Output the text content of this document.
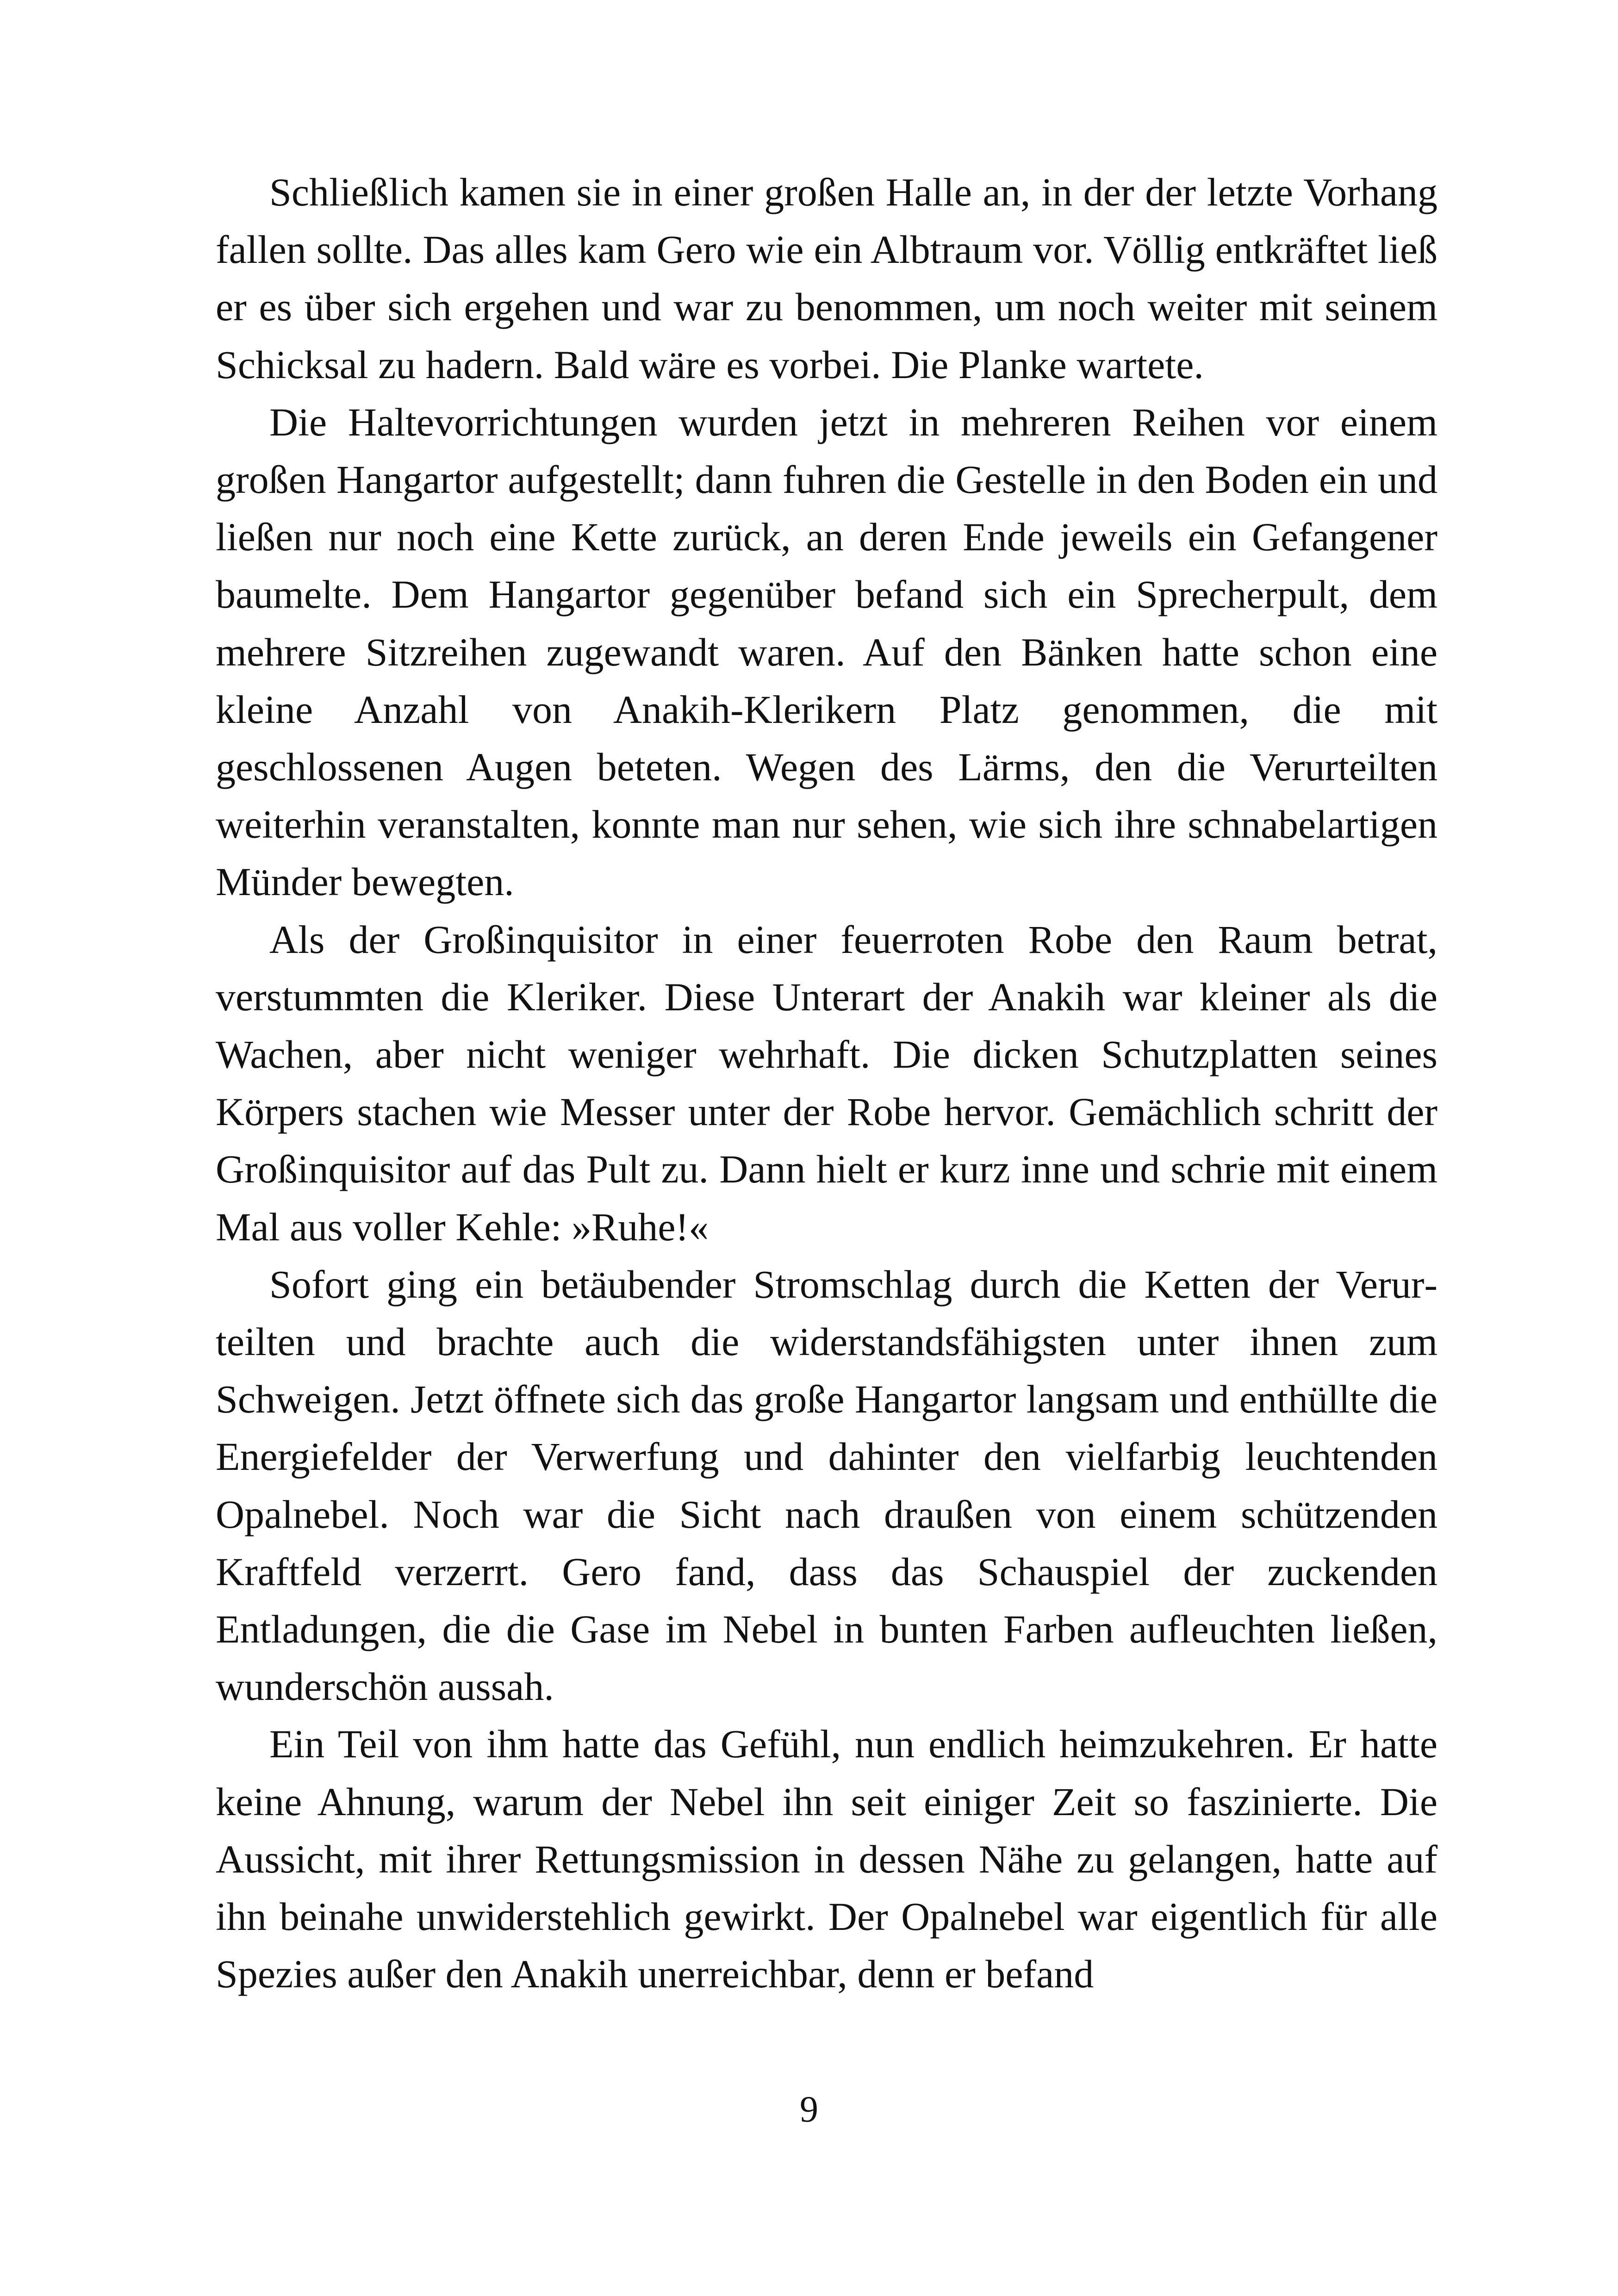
Schließlich kamen sie in einer großen Halle an, in der der letzte Vorhang fallen sollte. Das alles kam Gero wie ein Albtraum vor. Völlig entkräftet ließ er es über sich ergehen und war zu benommen, um noch weiter mit seinem Schicksal zu hadern. Bald wäre es vorbei. Die Planke wartete.

Die Haltevorrichtungen wurden jetzt in mehreren Reihen vor einem großen Hangartor aufgestellt; dann fuhren die Gestelle in den Boden ein und ließen nur noch eine Kette zurück, an deren Ende jeweils ein Gefangener baumelte. Dem Hangartor gegenüber befand sich ein Sprecherpult, dem mehrere Sitzreihen zugewandt waren. Auf den Bänken hatte schon eine kleine Anzahl von Anakih-Klerikern Platz genommen, die mit geschlossenen Augen beteten. Wegen des Lärms, den die Verurteilten weiterhin veranstalten, konnte man nur sehen, wie sich ihre schnabelartigen Münder bewegten.

Als der Großinquisitor in einer feuerroten Robe den Raum betrat, verstummten die Kleriker. Diese Unterart der Anakih war kleiner als die Wachen, aber nicht weniger wehrhaft. Die dicken Schutzplatten seines Körpers stachen wie Messer unter der Robe hervor. Gemächlich schritt der Großinquisitor auf das Pult zu. Dann hielt er kurz inne und schrie mit einem Mal aus voller Kehle: »Ruhe!«

Sofort ging ein betäubender Stromschlag durch die Ketten der Verurteilten und brachte auch die widerstandsfähigsten unter ihnen zum Schweigen. Jetzt öffnete sich das große Hangartor langsam und enthüllte die Energiefelder der Verwerfung und dahinter den vielfarbig leuchtenden Opalnebel. Noch war die Sicht nach draußen von einem schützenden Kraftfeld verzerrt. Gero fand, dass das Schauspiel der zuckenden Entladungen, die die Gase im Nebel in bunten Farben aufleuchten ließen, wunderschön aussah.

Ein Teil von ihm hatte das Gefühl, nun endlich heimzukehren. Er hatte keine Ahnung, warum der Nebel ihn seit einiger Zeit so faszinierte. Die Aussicht, mit ihrer Rettungsmission in dessen Nähe zu gelangen, hatte auf ihn beinahe unwiderstehlich gewirkt. Der Opalnebel war eigentlich für alle Spezies außer den Anakih unerreichbar, denn er befand

9
